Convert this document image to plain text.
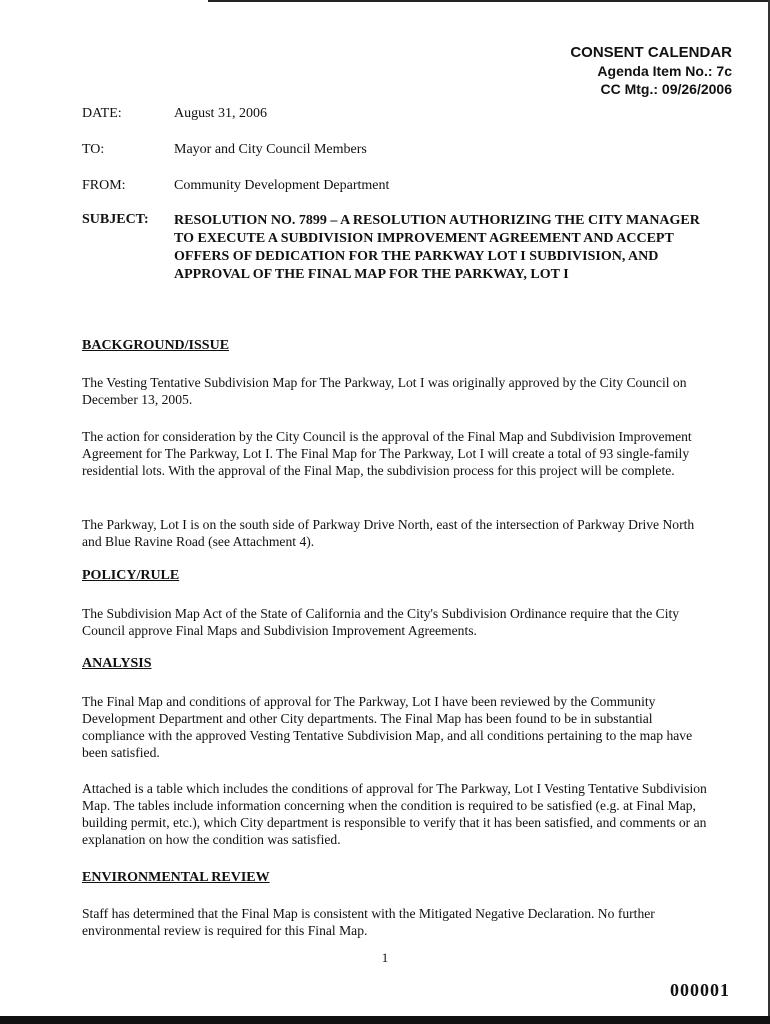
CONSENT CALENDAR
Agenda Item No.: 7c
CC Mtg.: 09/26/2006
DATE:	August 31, 2006
TO:	Mayor and City Council Members
FROM:	Community Development Department
SUBJECT: RESOLUTION NO. 7899 – A RESOLUTION AUTHORIZING THE CITY MANAGER TO EXECUTE A SUBDIVISION IMPROVEMENT AGREEMENT AND ACCEPT OFFERS OF DEDICATION FOR THE PARKWAY LOT I SUBDIVISION, AND APPROVAL OF THE FINAL MAP FOR THE PARKWAY, LOT I
BACKGROUND/ISSUE
The Vesting Tentative Subdivision Map for The Parkway, Lot I was originally approved by the City Council on December 13, 2005.
The action for consideration by the City Council is the approval of the Final Map and Subdivision Improvement Agreement for The Parkway, Lot I. The Final Map for The Parkway, Lot I will create a total of 93 single-family residential lots. With the approval of the Final Map, the subdivision process for this project will be complete.
The Parkway, Lot I is on the south side of Parkway Drive North, east of the intersection of Parkway Drive North and Blue Ravine Road (see Attachment 4).
POLICY/RULE
The Subdivision Map Act of the State of California and the City's Subdivision Ordinance require that the City Council approve Final Maps and Subdivision Improvement Agreements.
ANALYSIS
The Final Map and conditions of approval for The Parkway, Lot I have been reviewed by the Community Development Department and other City departments. The Final Map has been found to be in substantial compliance with the approved Vesting Tentative Subdivision Map, and all conditions pertaining to the map have been satisfied.
Attached is a table which includes the conditions of approval for The Parkway, Lot I Vesting Tentative Subdivision Map. The tables include information concerning when the condition is required to be satisfied (e.g. at Final Map, building permit, etc.), which City department is responsible to verify that it has been satisfied, and comments or an explanation on how the condition was satisfied.
ENVIRONMENTAL REVIEW
Staff has determined that the Final Map is consistent with the Mitigated Negative Declaration. No further environmental review is required for this Final Map.
1
000001
